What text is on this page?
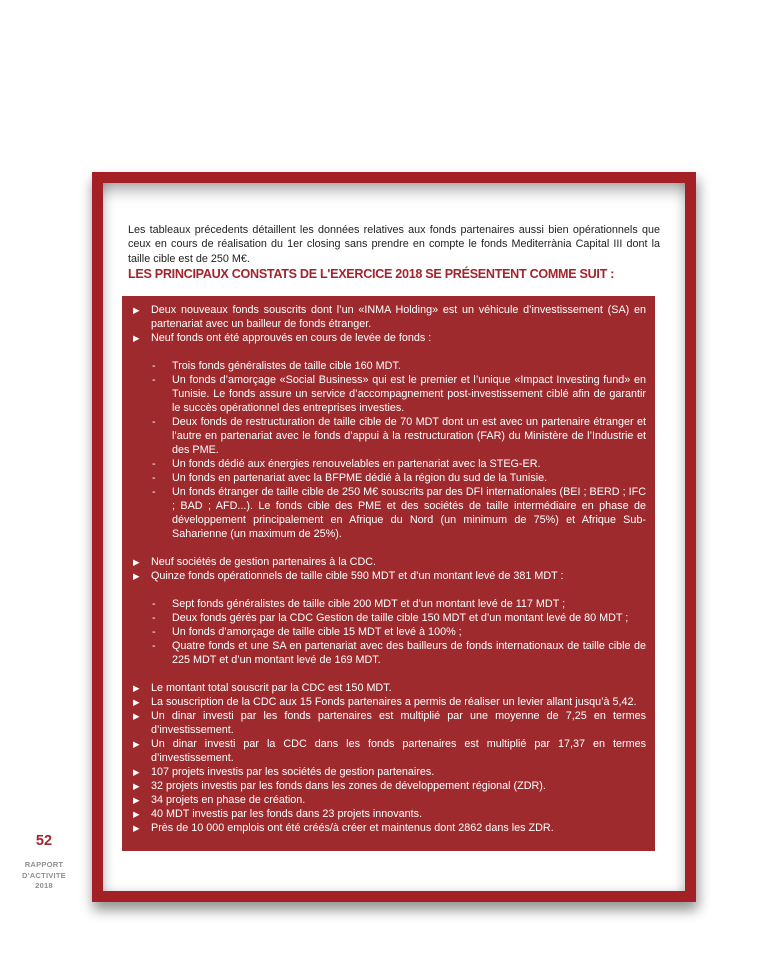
Les tableaux précedents détaillent les données relatives aux fonds partenaires aussi bien opérationnels que ceux en cours de réalisation du 1er closing sans prendre en compte le fonds Mediterrània Capital III dont la taille cible est de 250 M€.

LES PRINCIPAUX CONSTATS DE L'EXERCICE 2018 SE PRÉSENTENT COMME SUIT :
▶ Deux nouveaux fonds souscrits dont l’un «INMA Holding» est un véhicule d’investissement (SA) en partenariat avec un bailleur de fonds étranger.
▶ Neuf fonds ont été approuvés en cours de levée de fonds :
- Trois fonds généralistes de taille cible 160 MDT.
- Un fonds d’amorçage «Social Business» qui est le premier et l’unique «Impact Investing fund» en Tunisie. Le fonds assure un service d’accompagnement post-investissement ciblé afin de garantir le succès opérationnel des entreprises investies.
- Deux fonds de restructuration de taille cible de 70 MDT dont un est avec un partenaire étranger et l’autre en partenariat avec le fonds d’appui à la restructuration (FAR) du Ministère de l’Industrie et des PME.
- Un fonds dédié aux énergies renouvelables en partenariat avec la STEG-ER.
- Un fonds en partenariat avec la BFPME dédié à la région du sud de la Tunisie.
- Un fonds étranger de taille cible de 250 M€ souscrits par des DFI internationales (BEI ; BERD ; IFC ; BAD ; AFD...). Le fonds cible des PME et des sociétés de taille intermédiaire en phase de développement principalement en Afrique du Nord (un minimum de 75%) et Afrique Sub-Saharienne (un maximum de 25%).
▶ Neuf sociétés de gestion partenaires à la CDC.
▶ Quinze fonds opérationnels de taille cible 590 MDT et d’un montant levé de 381 MDT :
- Sept fonds généralistes de taille cible 200 MDT et d’un montant levé de 117 MDT ;
- Deux fonds gérés par la CDC Gestion de taille cible 150 MDT et d’un montant levé de 80 MDT ;
- Un fonds d’amorçage de taille cible 15 MDT et levé à 100% ;
- Quatre fonds et une SA en partenariat avec des bailleurs de fonds internationaux de taille cible de 225 MDT et d’un montant levé de 169 MDT.
▶ Le montant total souscrit par la CDC est 150 MDT.
▶ La souscription de la CDC aux 15 Fonds partenaires a permis de réaliser un levier allant jusqu’à 5,42.
▶ Un dinar investi par les fonds partenaires est multiplié par une moyenne de 7,25 en termes d’investissement.
▶ Un dinar investi par la CDC dans les fonds partenaires est multiplié par 17,37 en termes d’investissement.
▶ 107 projets investis par les sociétés de gestion partenaires.
▶ 32 projets investis par les fonds dans les zones de développement régional (ZDR).
▶ 34 projets en phase de création.
▶ 40 MDT investis par les fonds dans 23 projets innovants.
▶ Près de 10 000 emplois ont été créés/à créer et maintenus dont 2862 dans les ZDR.
52
RAPPORT
D'ACTIVITE
2018
